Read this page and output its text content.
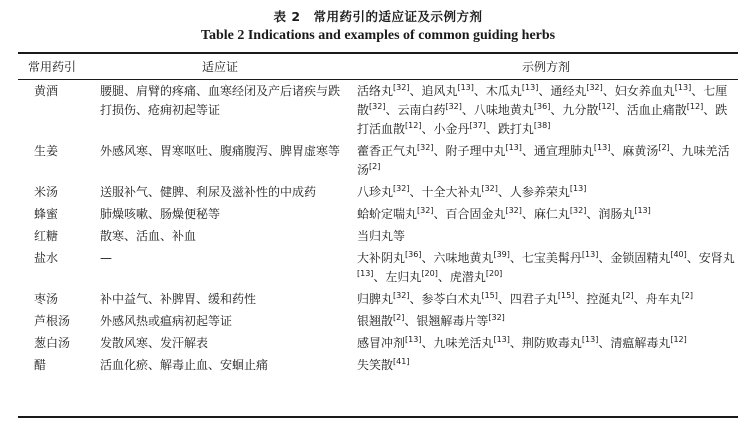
表 2　常用药引的适应证及示例方剂
Table 2 Indications and examples of common guiding herbs
常用药引	适应证	示例方剂
黄酒	腰腿、肩臂的疼痛、血寒经闭及产后诸疾与跌打损伤、疮痈初起等证	活络丸[32]、追风丸[13]、木瓜丸[13]、通经丸[32]、妇女养血丸[13]、七厘散[32]、云南白药[32]、八味地黄丸[36]、九分散[12]、活血止痛散[12]、跌打活血散[12]、小金丹[37]、跌打丸[38]
生姜	外感风寒、胃寒呕吐、腹痛腹泻、脾胃虚寒等	藿香正气丸[32]、附子理中丸[13]、通宣理肺丸[13]、麻黄汤[2]、九味羌活汤[2]
米汤	送服补气、健脾、利尿及滋补性的中成药	八珍丸[32]、十全大补丸[32]、人参养荣丸[13]
蜂蜜	肺燥咳嗽、肠燥便秘等	蛤蚧定喘丸[32]、百合固金丸[32]、麻仁丸[32]、润肠丸[13]
红糖	散寒、活血、补血	当归丸等
盐水	—	大补阴丸[36]、六味地黄丸[39]、七宝美髯丹[13]、金锁固精丸[40]、安肾丸[13]、左归丸[20]、虎潜丸[20]
枣汤	补中益气、补脾胃、缓和药性	归脾丸[32]、参苓白术丸[15]、四君子丸[15]、控涎丸[2]、舟车丸[2]
芦根汤	外感风热或瘟病初起等证	银翘散[2]、银翘解毒片等[32]
葱白汤	发散风寒、发汗解表	感冒冲剂[13]、九味羌活丸[13]、荆防败毒丸[13]、清瘟解毒丸[12]
醋	活血化瘀、解毒止血、安蛔止痛	失笑散[41]
